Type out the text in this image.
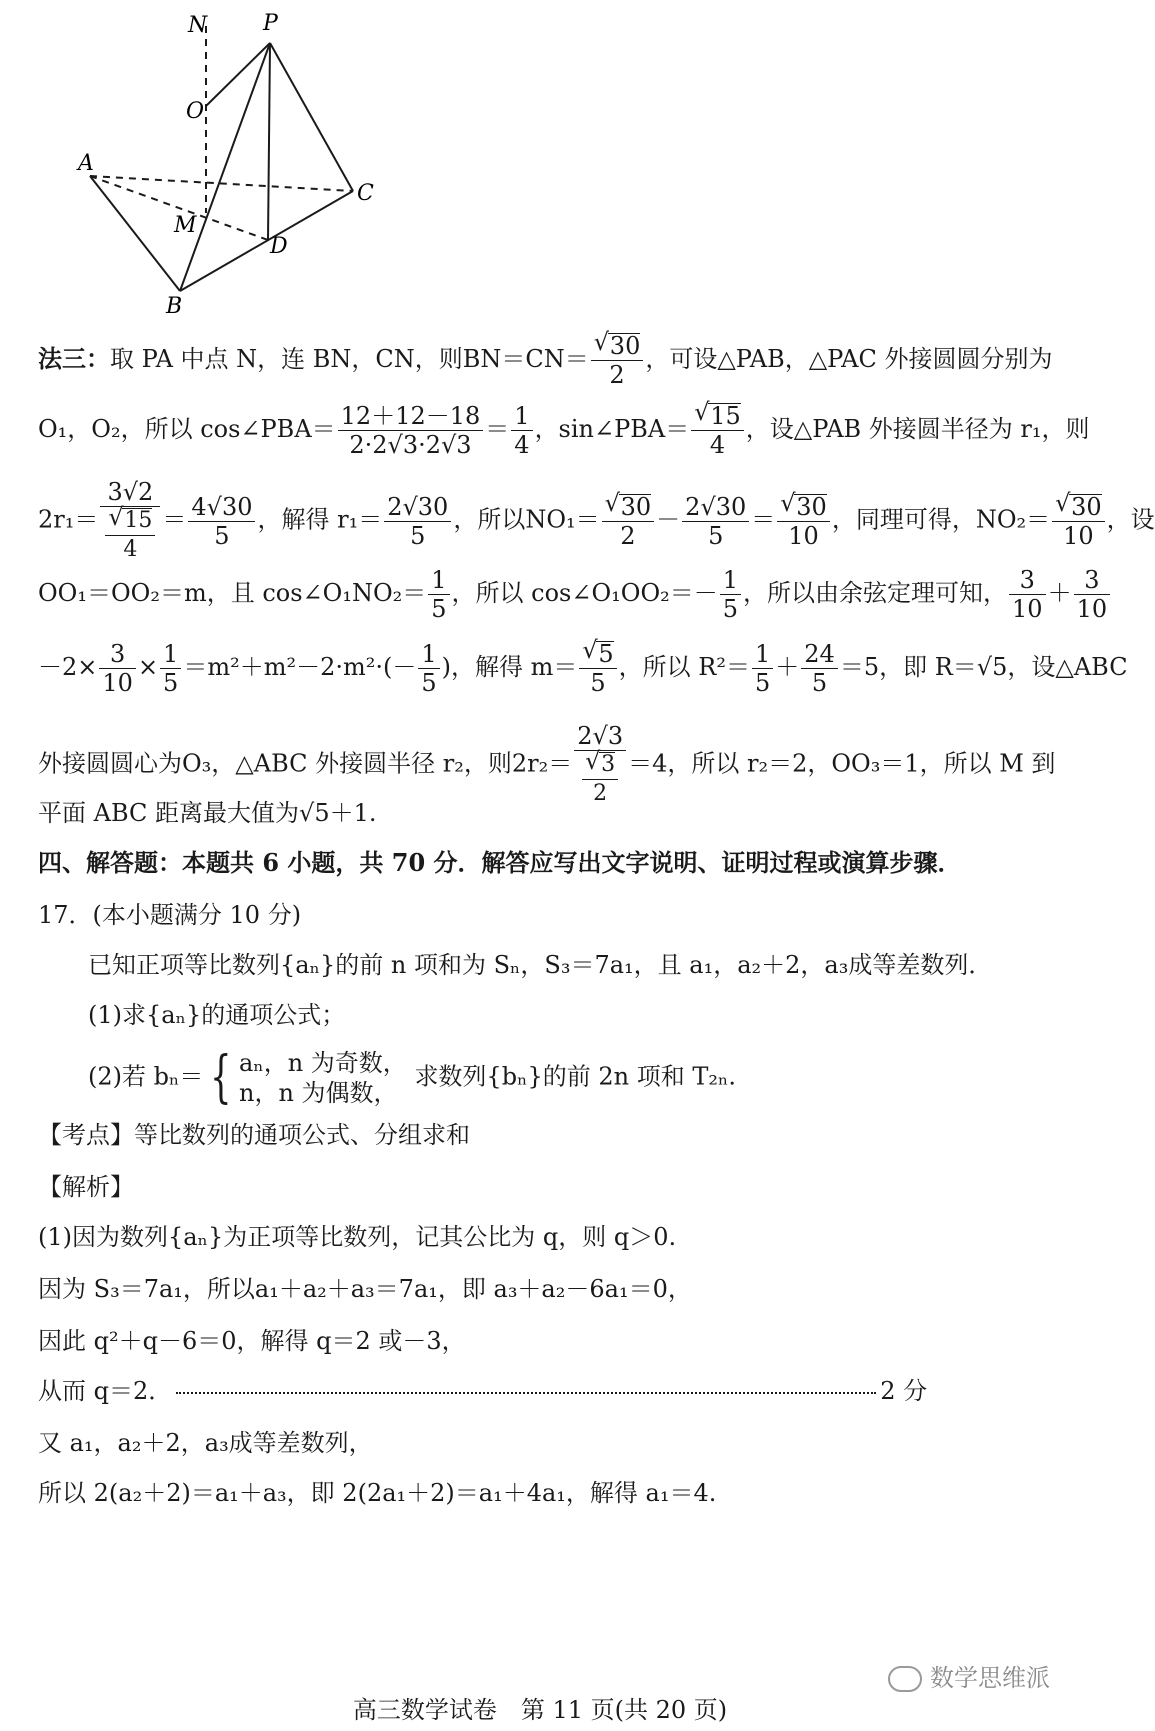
N	P
O
A
C
M
D
B
法三：取 PA 中点 N，连 BN，CN，则BN＝CN＝ √ $\frac{30}{2}$ ，可设△PAB，△PAC 外接圆圆分别为
O₁，O₂，所以 cos∠PBA＝ $\frac{12+12-18}{2\cdot 2√3\cdot 2√3} = \frac{1}{4}$ ，sin∠PBA＝ √ $\frac{15}{4}$ ，设△PAB 外接圆半径为 r₁，则
2r₁＝ 3√2
√ $\frac{15}{4} = \frac{4√30}{5}$ ，解得 $r_1= \frac{2√30}{5}$ ，所以NO₁＝ √ $\frac{30}{2} - \frac{2√30}{5}$ ＝ √ $\frac{30}{10}$ ，同理可得，NO₂＝ √ $\frac{30}{10}$ ，设
OO₁＝OO₂＝m，且 cos∠O₁NO₂＝ $\frac{1}{5}$ ，所以 cos∠O₁OO₂＝－ $\frac{1}{5}$ ，所以由余弦定理可知， $\frac{3}{10} + \frac{3}{10}$
$-2\times \frac{3}{10} \times \frac{1}{5} =m^2+m^2-2\cdot m^2\cdot(- \frac{1}{5}$ )，解得 m＝ √ $\frac{5}{5}$ ，所以 $R^2= \frac{1}{5} + \frac{24}{5} =5$，即 R＝√5，设△ABC
外接圆圆心为O₃，△ABC 外接圆半径 r₂，则2r₂＝ 2√3
√ $\frac{3}{2} =4$，所以 r₂＝2，OO₃＝1，所以 M 到
平面 ABC 距离最大值为√5＋1.
四、解答题：本题共 6 小题，共 70 分．解答应写出文字说明、证明过程或演算步骤．
17．(本小题满分 10 分)
已知正项等比数列{aₙ}的前 n 项和为 Sₙ，S₃＝7a₁，且 a₁，a₂＋2，a₃成等差数列．
(1)求{aₙ}的通项公式；
(2)若 bₙ＝ { aₙ，n 为奇数，
n，n 为偶数，
求数列{bₙ}的前 2n 项和 T₂ₙ.
【考点】等比数列的通项公式、分组求和
【解析】
(1)因为数列{aₙ}为正项等比数列，记其公比为 q，则 q＞0.
因为 S₃＝7a₁，所以a₁＋a₂＋a₃＝7a₁，即 a₃＋a₂－6a₁＝0，
因此 q²＋q－6＝0，解得 q＝2 或－3，
从而 q＝2．	2 分
又 a₁，a₂＋2，a₃成等差数列，
所以 2(a₂＋2)＝a₁＋a₃，即 2(2a₁＋2)＝a₁＋4a₁，解得 a₁＝4.
数学思维派
高三数学试卷　第 11 页(共 20 页)
